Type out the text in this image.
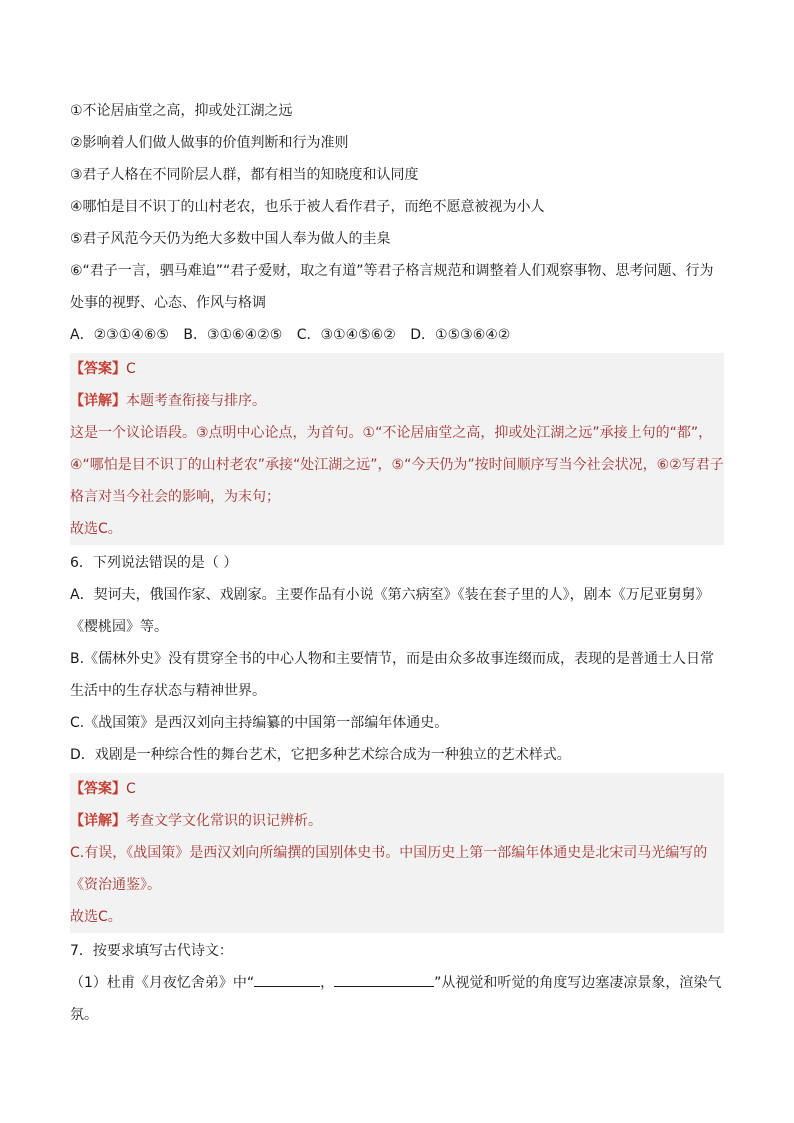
①不论居庙堂之高，抑或处江湖之远
②影响着人们做人做事的价值判断和行为准则
③君子人格在不同阶层人群，都有相当的知晓度和认同度
④哪怕是目不识丁的山村老农，也乐于被人看作君子，而绝不愿意被视为小人
⑤君子风范今天仍为绝大多数中国人奉为做人的圭臬
⑥“君子一言，驷马难追”“君子爱财，取之有道”等君子格言规范和调整着人们观察事物、思考问题、行为处事的视野、心态、作风与格调
A．②③①④⑥⑤ B．③①⑥④②⑤ C．③①④⑤⑥② D．①⑤③⑥④②
【答案】C
【详解】本题考查衔接与排序。
这是一个议论语段。③点明中心论点，为首句。①“不论居庙堂之高，抑或处江湖之远”承接上句的“都”，④“哪怕是目不识丁的山村老农”承接“处江湖之远”，⑤“今天仍为”按时间顺序写当今社会状况，⑥②写君子格言对当今社会的影响，为末句；
故选C。
6．下列说法错误的是（ ）
A．契诃夫，俄国作家、戏剧家。主要作品有小说《第六病室》《装在套子里的人》，剧本《万尼亚舅舅》《樱桃园》等。
B.《儒林外史》没有贯穿全书的中心人物和主要情节，而是由众多故事连缀而成，表现的是普通士人日常生活中的生存状态与精神世界。
C.《战国策》是西汉刘向主持编纂的中国第一部编年体通史。
D．戏剧是一种综合性的舞台艺术，它把多种艺术综合成为一种独立的艺术样式。
【答案】C
【详解】考查文学文化常识的识记辨析。
C.有误，《战国策》是西汉刘向所编撰的国别体史书。中国历史上第一部编年体通史是北宋司马光编写的《资治通鉴》。
故选C。
7．按要求填写古代诗文：
（1）杜甫《月夜忆舍弟》中“	，	”从视觉和听觉的角度写边塞凄凉景象，渲染气氛。
